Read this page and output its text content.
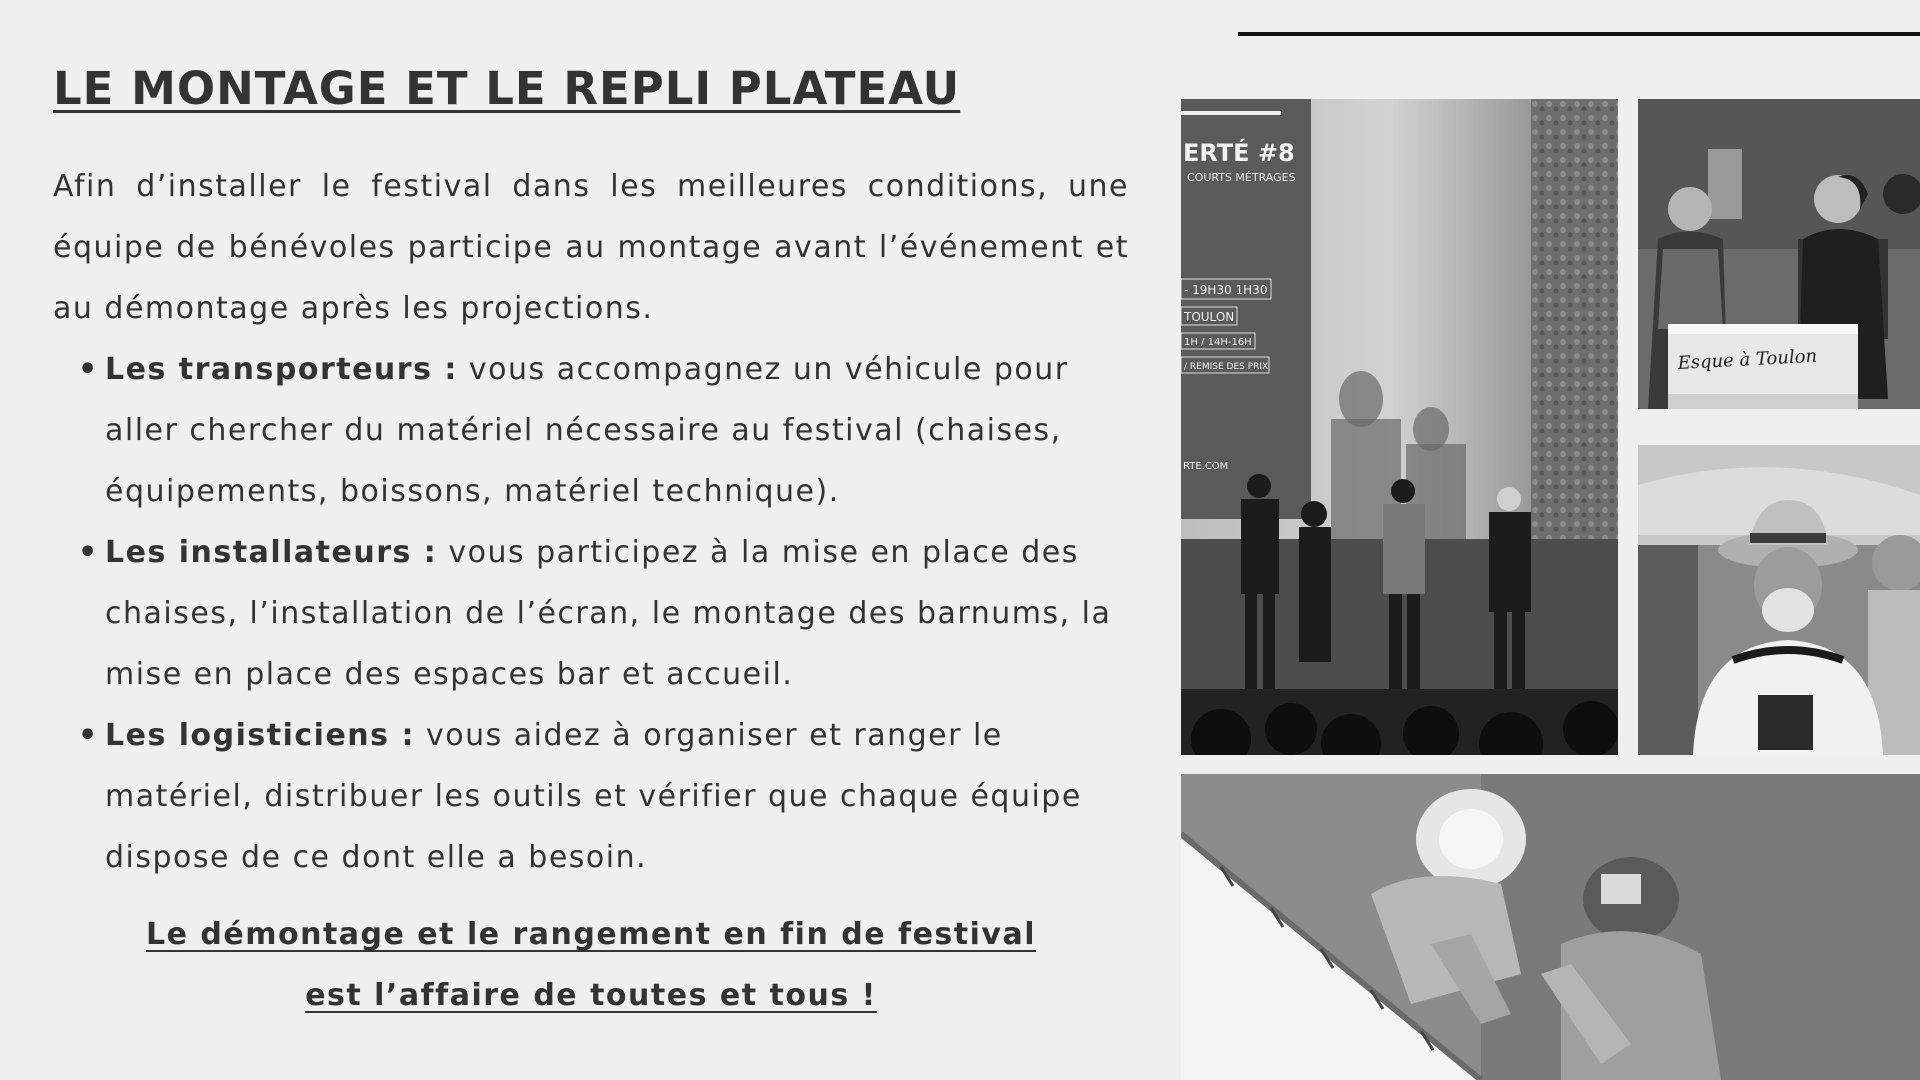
LE MONTAGE ET LE REPLI PLATEAU

Afin d’installer le festival dans les meilleures conditions, une équipe de bénévoles participe au montage avant l’événement et au démontage après les projections.

• Les transporteurs : vous accompagnez un véhicule pour aller chercher du matériel nécessaire au festival (chaises, équipements, boissons, matériel technique).
• Les installateurs : vous participez à la mise en place des chaises, l’installation de l’écran, le montage des barnums, la mise en place des espaces bar et accueil.
• Les logisticiens : vous aidez à organiser et ranger le matériel, distribuer les outils et vérifier que chaque équipe dispose de ce dont elle a besoin.

Le démontage et le rangement en fin de festival
est l’affaire de toutes et tous !

ERTÉ #8
COURTS MÉTRAGES
- 19H30 1H30
TOULON
1H / 14H-16H
/ REMISE DES PRIX
RTE.COM
Esque à Toulon
